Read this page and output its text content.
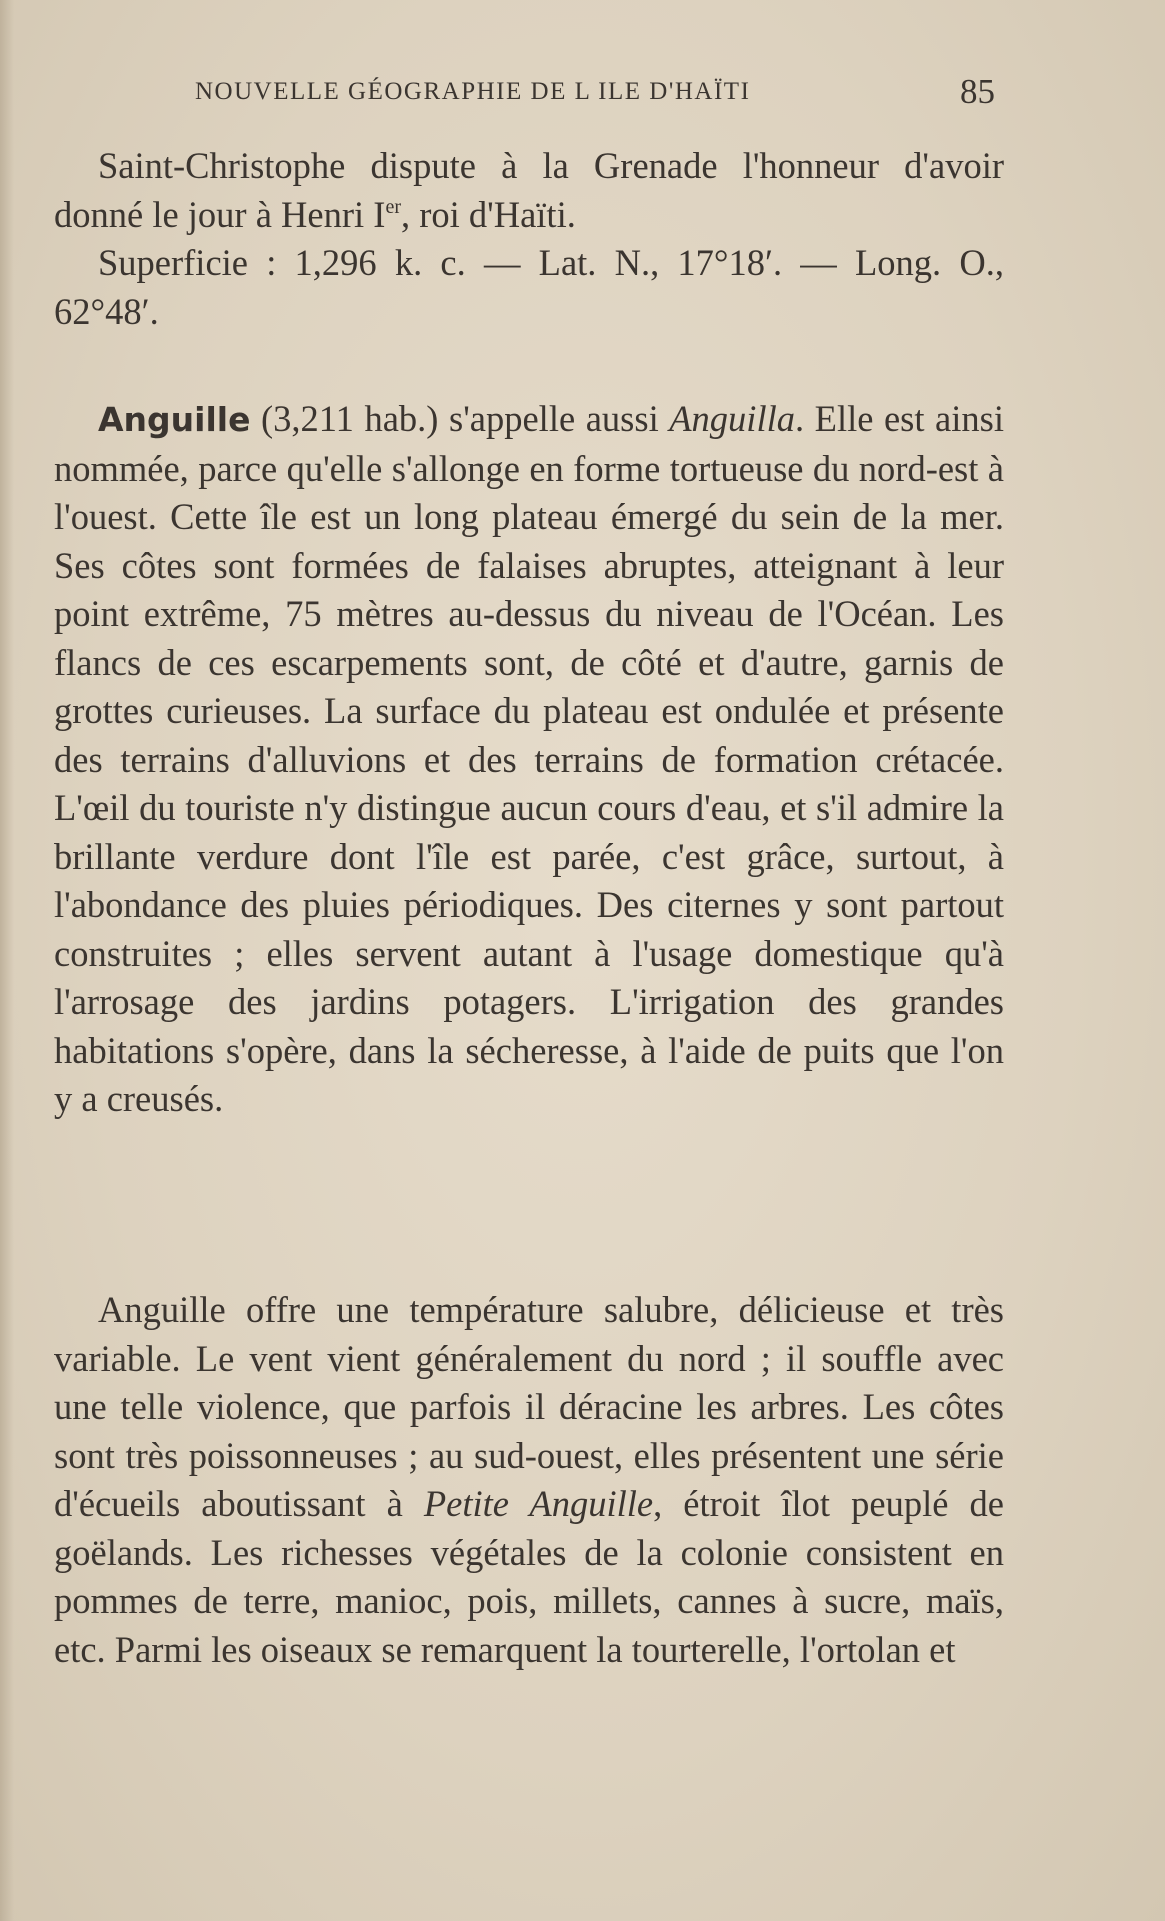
NOUVELLE GÉOGRAPHIE DE L ILE D'HAÏTI	85

Saint-Christophe dispute à la Grenade l'honneur d'avoir donné le jour à Henri Ier, roi d'Haïti.

Superficie : 1,296 k. c. — Lat. N., 17°18′. — Long. O., 62°48′.

Anguille (3,211 hab.) s'appelle aussi Anguilla. Elle est ainsi nommée, parce qu'elle s'allonge en forme tortueuse du nord-est à l'ouest. Cette île est un long plateau émergé du sein de la mer. Ses côtes sont formées de falaises abruptes, atteignant à leur point extrême, 75 mètres au-dessus du niveau de l'Océan. Les flancs de ces escarpements sont, de côté et d'autre, garnis de grottes curieuses. La surface du plateau est ondulée et présente des terrains d'alluvions et des terrains de formation crétacée. L'œil du touriste n'y distingue aucun cours d'eau, et s'il admire la brillante verdure dont l'île est parée, c'est grâce, surtout, à l'abondance des pluies périodiques. Des citernes y sont partout construites ; elles servent autant à l'usage domestique qu'à l'arrosage des jardins potagers. L'irrigation des grandes habitations s'opère, dans la sécheresse, à l'aide de puits que l'on y a creusés.

Anguille offre une température salubre, délicieuse et très variable. Le vent vient généralement du nord ; il souffle avec une telle violence, que parfois il déracine les arbres. Les côtes sont très poissonneuses ; au sud-ouest, elles présentent une série d'écueils aboutissant à Petite Anguille, étroit îlot peuplé de goëlands. Les richesses végétales de la colonie consistent en pommes de terre, manioc, pois, millets, cannes à sucre, maïs, etc. Parmi les oiseaux se remarquent la tourterelle, l'ortolan et
